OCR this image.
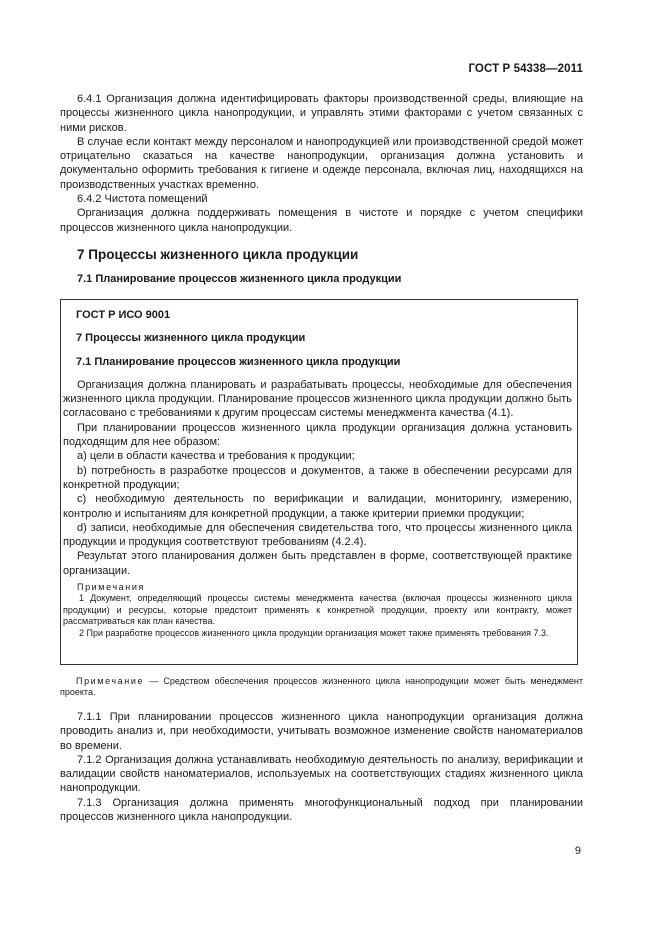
ГОСТ Р 54338—2011

6.4.1 Организация должна идентифицировать факторы производственной среды, влияющие на процессы жизненного цикла нанопродукции, и управлять этими факторами с учетом связанных с ними рисков.

В случае если контакт между персоналом и нанопродукцией или производственной средой может отрицательно сказаться на качестве нанопродукции, организация должна установить и документально оформить требования к гигиене и одежде персонала, включая лиц, находящихся на производственных участках временно.

6.4.2 Чистота помещений

Организация должна поддерживать помещения в чистоте и порядке с учетом специфики процессов жизненного цикла нанопродукции.

7 Процессы жизненного цикла продукции

7.1 Планирование процессов жизненного цикла продукции

ГОСТ Р ИСО 9001

7 Процессы жизненного цикла продукции

7.1 Планирование процессов жизненного цикла продукции

Организация должна планировать и разрабатывать процессы, необходимые для обеспечения жизненного цикла продукции. Планирование процессов жизненного цикла продукции должно быть согласовано с требованиями к другим процессам системы менеджмента качества (4.1).

При планировании процессов жизненного цикла продукции организация должна установить подходящим для нее образом:

a) цели в области качества и требования к продукции;

b) потребность в разработке процессов и документов, а также в обеспечении ресурсами для конкретной продукции;

c) необходимую деятельность по верификации и валидации, мониторингу, измерению, контролю и испытаниям для конкретной продукции, а также критерии приемки продукции;

d) записи, необходимые для обеспечения свидетельства того, что процессы жизненного цикла продукции и продукция соответствуют требованиям (4.2.4).

Результат этого планирования должен быть представлен в форме, соответствующей практике организации.

Примечания

1 Документ, определяющий процессы системы менеджмента качества (включая процессы жизненного цикла продукции) и ресурсы, которые предстоит применять к конкретной продукции, проекту или контракту, может рассматриваться как план качества.

2 При разработке процессов жизненного цикла продукции организация может также применять требования 7.3.

Примечание — Средством обеспечения процессов жизненного цикла нанопродукции может быть менеджмент проекта.

7.1.1 При планировании процессов жизненного цикла нанопродукции организация должна проводить анализ и, при необходимости, учитывать возможное изменение свойств наноматериалов во времени.

7.1.2 Организация должна устанавливать необходимую деятельность по анализу, верификации и валидации свойств наноматериалов, используемых на соответствующих стадиях жизненного цикла нанопродукции.

7.1.3 Организация должна применять многофункциональный подход при планировании процессов жизненного цикла нанопродукции.

9
